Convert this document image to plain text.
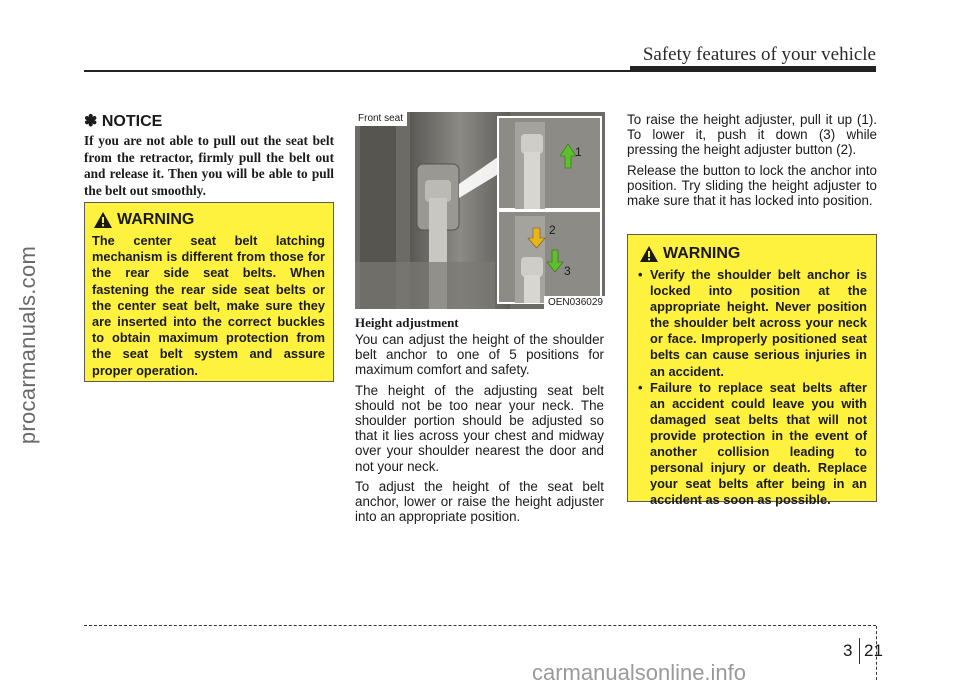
Safety features of your vehicle
procarmanuals.com
carmanualsonline.info
✽ NOTICE
If you are not able to pull out the seat belt from the retractor, firmly pull the belt out and release it. Then you will be able to pull the belt out smoothly.
WARNING
The center seat belt latching mechanism is different from those for the rear side seat belts. When fastening the rear side seat belts or the center seat belt, make sure they are inserted into the correct buckles to obtain maximum protection from the seat belt system and assure proper operation.
1
2
3
Front seat
OEN036029
Height adjustment

You can adjust the height of the shoulder belt anchor to one of 5 positions for maximum comfort and safety.

The height of the adjusting seat belt should not be too near your neck. The shoulder portion should be adjusted so that it lies across your chest and midway over your shoulder nearest the door and not your neck.

To adjust the height of the seat belt anchor, lower or raise the height adjuster into an appropriate position.

To raise the height adjuster, pull it up (1). To lower it, push it down (3) while pressing the height adjuster button (2).

Release the button to lock the anchor into position. Try sliding the height adjuster to make sure that it has locked into position.

WARNING
• Verify the shoulder belt anchor is locked into position at the appropriate height. Never position the shoulder belt across your neck or face. Improperly positioned seat belts can cause serious injuries in an accident.
• Failure to replace seat belts after an accident could leave you with damaged seat belts that will not provide protection in the event of another collision leading to personal injury or death. Replace your seat belts after being in an accident as soon as possible.
3 21
